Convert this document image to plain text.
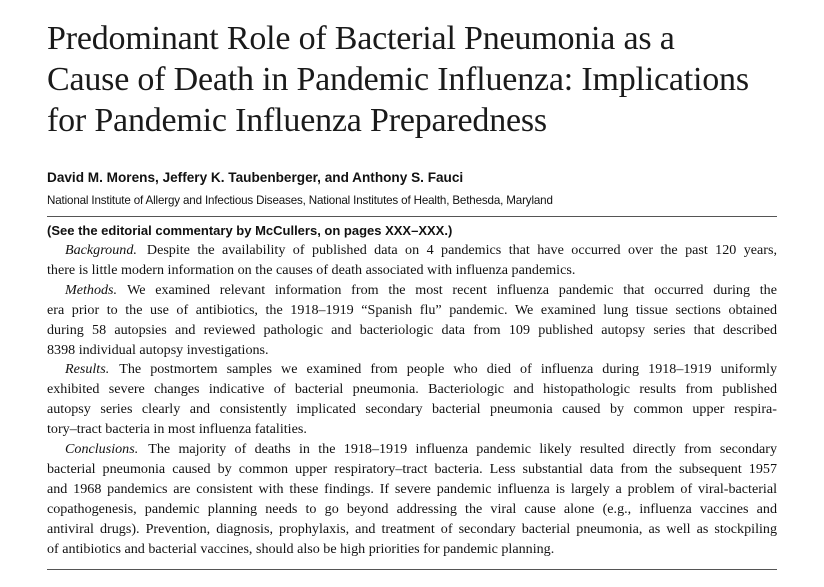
Predominant Role of Bacterial Pneumonia as a
Cause of Death in Pandemic Influenza: Implications
for Pandemic Influenza Preparedness
David M. Morens, Jeffery K. Taubenberger, and Anthony S. Fauci
National Institute of Allergy and Infectious Diseases, National Institutes of Health, Bethesda, Maryland
(See the editorial commentary by McCullers, on pages XXX–XXX.)
Background. Despite the availability of published data on 4 pandemics that have occurred over the past 120 years,
there is little modern information on the causes of death associated with influenza pandemics.
Methods. We examined relevant information from the most recent influenza pandemic that occurred during the
era prior to the use of antibiotics, the 1918–1919 “Spanish flu” pandemic. We examined lung tissue sections obtained
during 58 autopsies and reviewed pathologic and bacteriologic data from 109 published autopsy series that described
8398 individual autopsy investigations.
Results. The postmortem samples we examined from people who died of influenza during 1918–1919 uniformly
exhibited severe changes indicative of bacterial pneumonia. Bacteriologic and histopathologic results from published
autopsy series clearly and consistently implicated secondary bacterial pneumonia caused by common upper respira-
tory–tract bacteria in most influenza fatalities.
Conclusions. The majority of deaths in the 1918–1919 influenza pandemic likely resulted directly from secondary
bacterial pneumonia caused by common upper respiratory–tract bacteria. Less substantial data from the subsequent 1957
and 1968 pandemics are consistent with these findings. If severe pandemic influenza is largely a problem of viral-bacterial
copathogenesis, pandemic planning needs to go beyond addressing the viral cause alone (e.g., influenza vaccines and
antiviral drugs). Prevention, diagnosis, prophylaxis, and treatment of secondary bacterial pneumonia, as well as stockpiling
of antibiotics and bacterial vaccines, should also be high priorities for pandemic planning.
